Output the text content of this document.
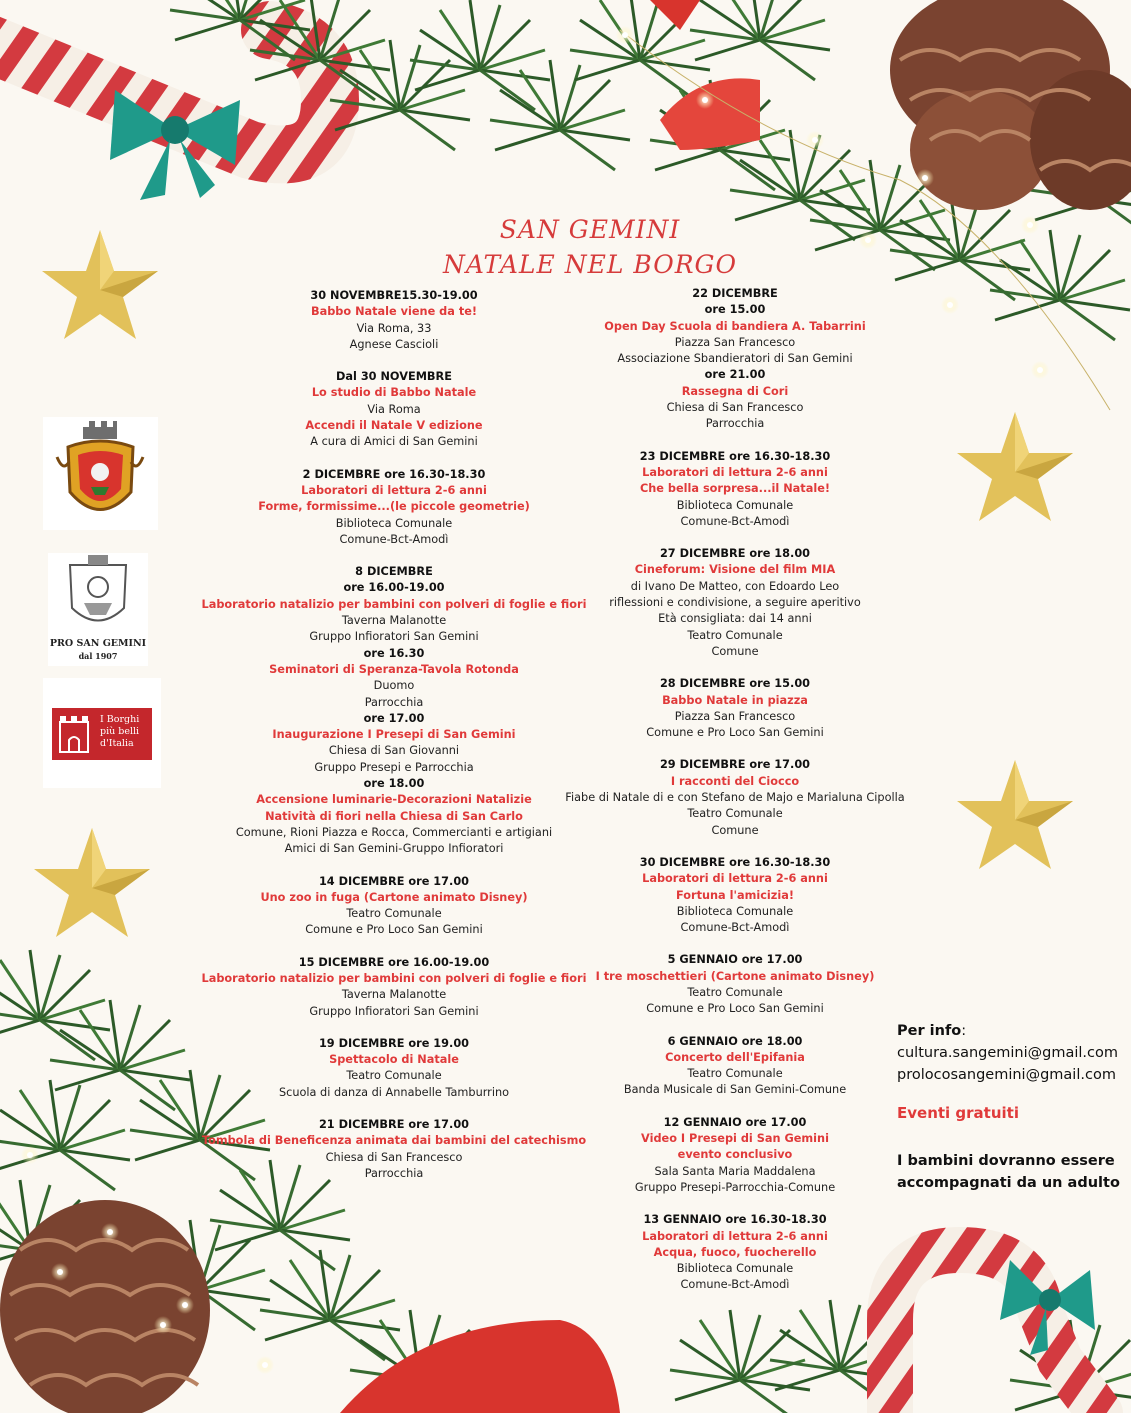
SAN GEMINI
NATALE NEL BORGO
PRO SAN GEMINI
dal 1907
I Borghi
più belli
d'Italia

30 NOVEMBRE15.30-19.00

Babbo Natale viene da te!

Via Roma, 33

Agnese Cascioli

Dal 30 NOVEMBRE

Lo studio di Babbo Natale

Via Roma

Accendi il Natale V edizione

A cura di Amici di San Gemini

2 DICEMBRE ore 16.30-18.30

Laboratori di lettura 2-6 anni

Forme, formissime...(le piccole geometrie)

Biblioteca Comunale

Comune-Bct-Amodì

8 DICEMBRE

ore 16.00-19.00

Laboratorio natalizio per bambini con polveri di foglie e fiori

Taverna Malanotte

Gruppo Infioratori San Gemini

ore 16.30

Seminatori di Speranza-Tavola Rotonda

Duomo

Parrocchia

ore 17.00

Inaugurazione I Presepi di San Gemini

Chiesa di San Giovanni

Gruppo Presepi e Parrocchia

ore 18.00

Accensione luminarie-Decorazioni Natalizie

Natività di fiori nella Chiesa di San Carlo

Comune, Rioni Piazza e Rocca, Commercianti e artigiani

Amici di San Gemini-Gruppo Infioratori

14 DICEMBRE ore 17.00

Uno zoo in fuga (Cartone animato Disney)

Teatro Comunale

Comune e Pro Loco San Gemini

15 DICEMBRE ore 16.00-19.00

Laboratorio natalizio per bambini con polveri di foglie e fiori

Taverna Malanotte

Gruppo Infioratori San Gemini

19 DICEMBRE ore 19.00

Spettacolo di Natale

Teatro Comunale

Scuola di danza di Annabelle Tamburrino

21 DICEMBRE ore 17.00

Tombola di Beneficenza animata dai bambini del catechismo

Chiesa di San Francesco

Parrocchia

22 DICEMBRE

ore 15.00

Open Day Scuola di bandiera A. Tabarrini

Piazza San Francesco

Associazione Sbandieratori di San Gemini

ore 21.00

Rassegna di Cori

Chiesa di San Francesco

Parrocchia

23 DICEMBRE ore 16.30-18.30

Laboratori di lettura 2-6 anni

Che bella sorpresa...il Natale!

Biblioteca Comunale

Comune-Bct-Amodì

27 DICEMBRE ore 18.00

Cineforum: Visione del film MIA

di Ivano De Matteo, con Edoardo Leo

riflessioni e condivisione, a seguire aperitivo

Età consigliata: dai 14 anni

Teatro Comunale

Comune

28 DICEMBRE ore 15.00

Babbo Natale in piazza

Piazza San Francesco

Comune e Pro Loco San Gemini

29 DICEMBRE ore 17.00

I racconti del Ciocco

Fiabe di Natale di e con Stefano de Majo e Marialuna Cipolla

Teatro Comunale

Comune

30 DICEMBRE ore 16.30-18.30

Laboratori di lettura 2-6 anni

Fortuna l'amicizia!

Biblioteca Comunale

Comune-Bct-Amodì

5 GENNAIO ore 17.00

I tre moschettieri (Cartone animato Disney)

Teatro Comunale

Comune e Pro Loco San Gemini

6 GENNAIO ore 18.00

Concerto dell'Epifania

Teatro Comunale

Banda Musicale di San Gemini-Comune

12 GENNAIO ore 17.00

Video I Presepi di San Gemini

evento conclusivo

Sala Santa Maria Maddalena

Gruppo Presepi-Parrocchia-Comune

13 GENNAIO ore 16.30-18.30

Laboratori di lettura 2-6 anni

Acqua, fuoco, fuocherello

Biblioteca Comunale

Comune-Bct-Amodì

Per info:

cultura.sangemini@gmail.com

prolocosangemini@gmail.com

Eventi gratuiti
I bambini dovranno essere accompagnati da un adulto
